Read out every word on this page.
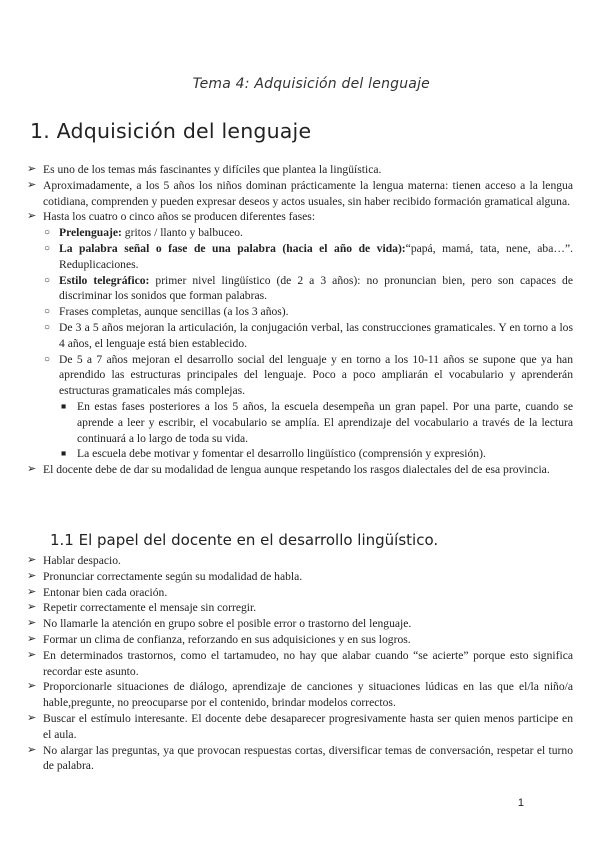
Tema 4: Adquisición del lenguaje
1. Adquisición del lenguaje
➢ Es uno de los temas más fascinantes y difíciles que plantea la lingüística.
➢ Aproximadamente, a los 5 años los niños dominan prácticamente la lengua materna: tienen acceso a la lengua cotidiana, comprenden y pueden expresar deseos y actos usuales, sin haber recibido formación gramatical alguna.
➢ Hasta los cuatro o cinco años se producen diferentes fases:
○ Prelenguaje: gritos / llanto y balbuceo.
○ La palabra señal o fase de una palabra (hacia el año de vida):“papá, mamá, tata, nene, aba…”. Reduplicaciones.
○ Estilo telegráfico: primer nivel lingüístico (de 2 a 3 años): no pronuncian bien, pero son capaces de discriminar los sonidos que forman palabras.
○ Frases completas, aunque sencillas (a los 3 años).
○ De 3 a 5 años mejoran la articulación, la conjugación verbal, las construcciones gramaticales. Y en torno a los 4 años, el lenguaje está bien establecido.
○ De 5 a 7 años mejoran el desarrollo social del lenguaje y en torno a los 10-11 años se supone que ya han aprendido las estructuras principales del lenguaje. Poco a poco ampliarán el vocabulario y aprenderán estructuras gramaticales más complejas.
■ En estas fases posteriores a los 5 años, la escuela desempeña un gran papel. Por una parte, cuando se aprende a leer y escribir, el vocabulario se amplía. El aprendizaje del vocabulario a través de la lectura continuará a lo largo de toda su vida.
■ La escuela debe motivar y fomentar el desarrollo lingüístico (comprensión y expresión).
➢ El docente debe de dar su modalidad de lengua aunque respetando los rasgos dialectales del de esa provincia.
1.1 El papel del docente en el desarrollo lingüístico.
➢ Hablar despacio.
➢ Pronunciar correctamente según su modalidad de habla.
➢ Entonar bien cada oración.
➢ Repetir correctamente el mensaje sin corregir.
➢ No llamarle la atención en grupo sobre el posible error o trastorno del lenguaje.
➢ Formar un clima de confianza, reforzando en sus adquisiciones y en sus logros.
➢ En determinados trastornos, como el tartamudeo, no hay que alabar cuando “se acierte” porque esto significa recordar este asunto.
➢ Proporcionarle situaciones de diálogo, aprendizaje de canciones y situaciones lúdicas en las que el/la niño/a hable,pregunte, no preocuparse por el contenido, brindar modelos correctos.
➢ Buscar el estímulo interesante. El docente debe desaparecer progresivamente hasta ser quien menos participe en el aula.
➢ No alargar las preguntas, ya que provocan respuestas cortas, diversificar temas de conversación, respetar el turno de palabra.
1
